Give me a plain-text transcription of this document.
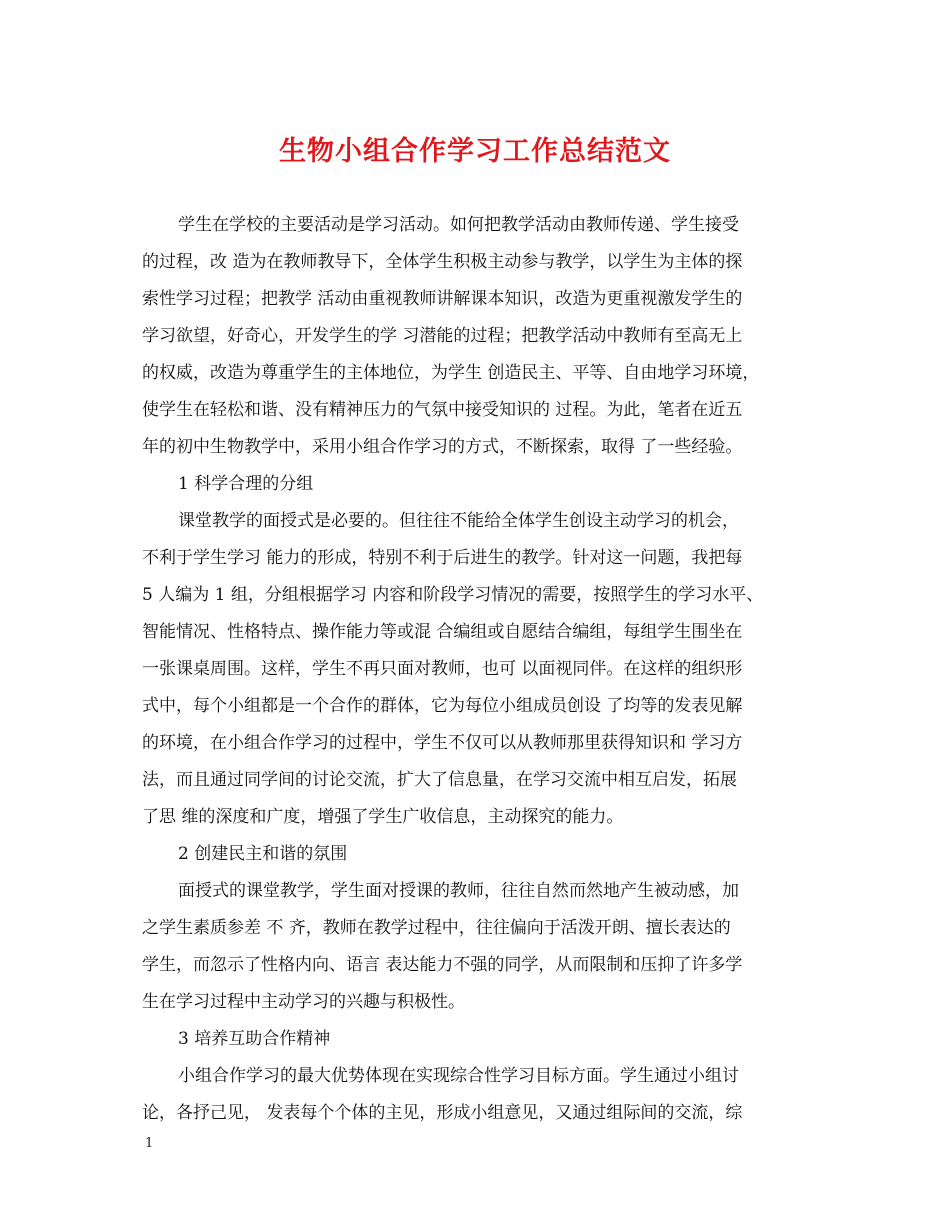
生物小组合作学习工作总结范文
学生在学校的主要活动是学习活动。如何把教学活动由教师传递、学生接受
的过程，改 造为在教师教导下，全体学生积极主动参与教学，以学生为主体的探
索性学习过程；把教学 活动由重视教师讲解课本知识，改造为更重视激发学生的
学习欲望，好奇心，开发学生的学 习潜能的过程；把教学活动中教师有至高无上
的权威，改造为尊重学生的主体地位，为学生 创造民主、平等、自由地学习环境，
使学生在轻松和谐、没有精神压力的气氛中接受知识的 过程。为此，笔者在近五
年的初中生物教学中，采用小组合作学习的方式，不断探索，取得 了一些经验。
1 科学合理的分组
课堂教学的面授式是必要的。但往往不能给全体学生创设主动学习的机会，
不利于学生学习 能力的形成，特别不利于后进生的教学。针对这一问题，我把每
5 人编为 1 组，分组根据学习 内容和阶段学习情况的需要，按照学生的学习水平、
智能情况、性格特点、操作能力等或混 合编组或自愿结合编组，每组学生围坐在
一张课桌周围。这样，学生不再只面对教师，也可 以面视同伴。在这样的组织形
式中，每个小组都是一个合作的群体，它为每位小组成员创设 了均等的发表见解
的环境，在小组合作学习的过程中，学生不仅可以从教师那里获得知识和 学习方
法，而且通过同学间的讨论交流，扩大了信息量，在学习交流中相互启发，拓展
了思 维的深度和广度，增强了学生广收信息，主动探究的能力。
2 创建民主和谐的氛围
面授式的课堂教学，学生面对授课的教师，往往自然而然地产生被动感，加
之学生素质参差 不 齐，教师在教学过程中，往往偏向于活泼开朗、擅长表达的
学生，而忽示了性格内向、语言 表达能力不强的同学，从而限制和压抑了许多学
生在学习过程中主动学习的兴趣与积极性。
3 培养互助合作精神
小组合作学习的最大优势体现在实现综合性学习目标方面。学生通过小组讨
论，各抒己见， 发表每个个体的主见，形成小组意见，又通过组际间的交流，综
1
